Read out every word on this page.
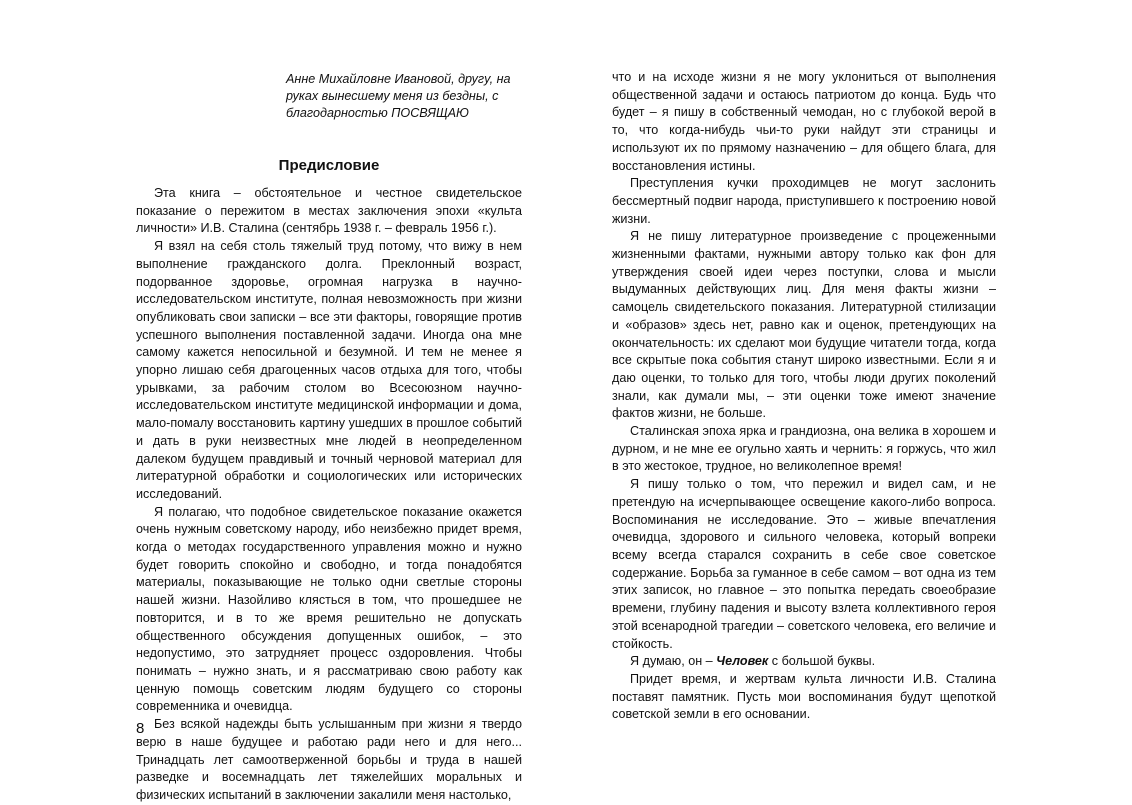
Анне Михайловне Ивановой, другу, на руках вынесшему меня из бездны, с благодарностью ПОСВЯЩАЮ
Предисловие

Эта книга – обстоятельное и честное свидетельское показание о пережитом в местах заключения эпохи «культа личности» И.В. Сталина (сентябрь 1938 г. – февраль 1956 г.).

Я взял на себя столь тяжелый труд потому, что вижу в нем выполнение гражданского долга. Преклонный возраст, подорванное здоровье, огромная нагрузка в научно-исследовательском институте, полная невозможность при жизни опубликовать свои записки – все эти факторы, говорящие против успешного выполнения поставленной задачи. Иногда она мне самому кажется непосильной и безумной. И тем не менее я упорно лишаю себя драгоценных часов отдыха для того, чтобы урывками, за рабочим столом во Всесоюзном научно-исследовательском институте медицинской информации и дома, мало-помалу восстановить картину ушедших в прошлое событий и дать в руки неизвестных мне людей в неопределенном далеком будущем правдивый и точный черновой материал для литературной обработки и социологических или исторических исследований.

Я полагаю, что подобное свидетельское показание окажется очень нужным советскому народу, ибо неизбежно придет время, когда о методах государственного управления можно и нужно будет говорить спокойно и свободно, и тогда понадобятся материалы, показывающие не только одни светлые стороны нашей жизни. Назойливо клясться в том, что прошедшее не повторится, и в то же время решительно не допускать общественного обсуждения допущенных ошибок, – это недопустимо, это затрудняет процесс оздоровления. Чтобы понимать – нужно знать, и я рассматриваю свою работу как ценную помощь советским людям будущего со стороны современника и очевидца.

Без всякой надежды быть услышанным при жизни я твердо верю в наше будущее и работаю ради него и для него... Тринадцать лет самоотверженной борьбы и труда в нашей разведке и восемнадцать лет тяжелейших моральных и физических испытаний в заключении закалили меня настолько,

что и на исходе жизни я не могу уклониться от выполнения общественной задачи и остаюсь патриотом до конца. Будь что будет – я пишу в собственный чемодан, но с глубокой верой в то, что когда-нибудь чьи-то руки найдут эти страницы и используют их по прямому назначению – для общего блага, для восстановления истины.

Преступления кучки проходимцев не могут заслонить бессмертный подвиг народа, приступившего к построению новой жизни.

Я не пишу литературное произведение с процеженными жизненными фактами, нужными автору только как фон для утверждения своей идеи через поступки, слова и мысли выдуманных действующих лиц. Для меня факты жизни – самоцель свидетельского показания. Литературной стилизации и «образов» здесь нет, равно как и оценок, претендующих на окончательность: их сделают мои будущие читатели тогда, когда все скрытые пока события станут широко известными. Если я и даю оценки, то только для того, чтобы люди других поколений знали, как думали мы, – эти оценки тоже имеют значение фактов жизни, не больше.

Сталинская эпоха ярка и грандиозна, она велика в хорошем и дурном, и не мне ее огульно хаять и чернить: я горжусь, что жил в это жестокое, трудное, но великолепное время!

Я пишу только о том, что пережил и видел сам, и не претендую на исчерпывающее освещение какого-либо вопроса. Воспоминания не исследование. Это – живые впечатления очевидца, здорового и сильного человека, который вопреки всему всегда старался сохранить в себе свое советское содержание. Борьба за гуманное в себе самом – вот одна из тем этих записок, но главное – это попытка передать своеобразие времени, глубину падения и высоту взлета коллективного героя этой всенародной трагедии – советского человека, его величие и стойкость.

Я думаю, он – Человек с большой буквы.

Придет время, и жертвам культа личности И.В. Сталина поставят памятник. Пусть мои воспоминания будут щепоткой советской земли в его основании.

8
